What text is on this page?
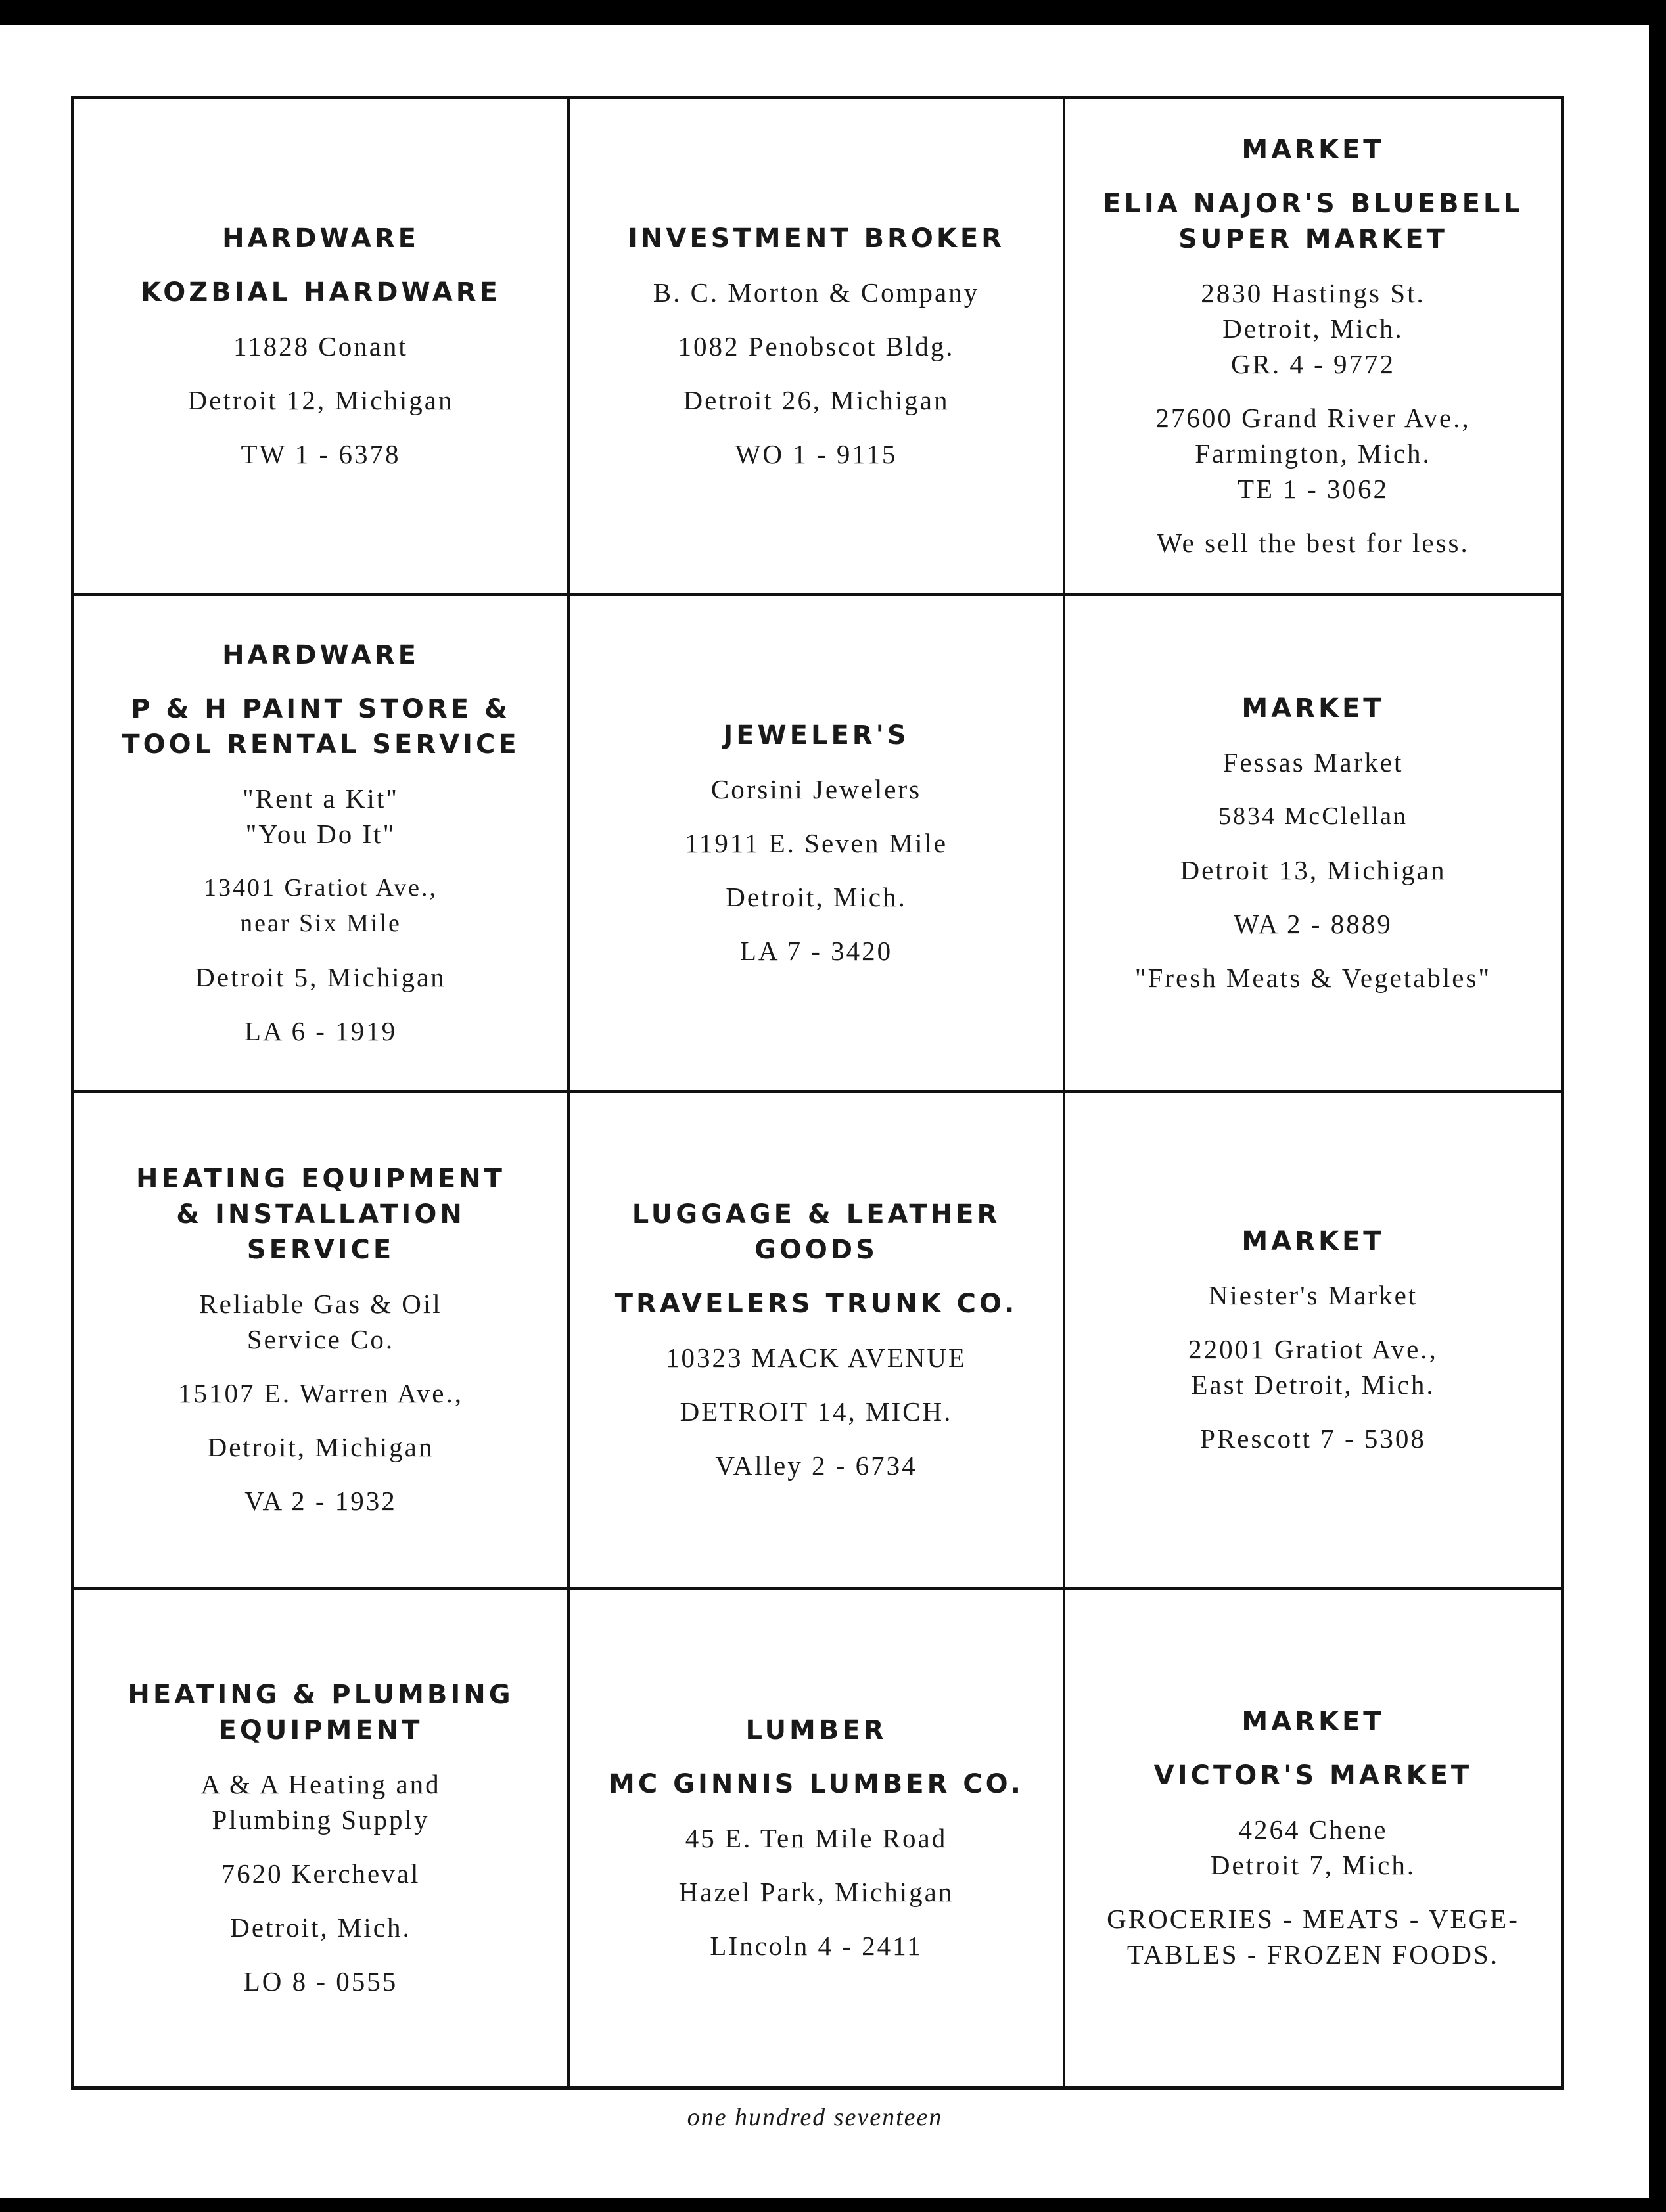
HARDWARE
KOZBIAL HARDWARE
11828 Conant
Detroit 12, Michigan
TW 1 - 6378
INVESTMENT BROKER
B. C. Morton & Company
1082 Penobscot Bldg.
Detroit 26, Michigan
WO 1 - 9115
MARKET
ELIA NAJOR'S BLUEBELL
SUPER MARKET
2830 Hastings St.
Detroit, Mich.
GR. 4 - 9772
27600 Grand River Ave.,
Farmington, Mich.
TE 1 - 3062
We sell the best for less.
HARDWARE
P & H PAINT STORE &
TOOL RENTAL SERVICE
"Rent a Kit"
"You Do It"
13401 Gratiot Ave.,
near Six Mile
Detroit 5, Michigan
LA 6 - 1919
JEWELER'S
Corsini Jewelers
11911 E. Seven Mile
Detroit, Mich.
LA 7 - 3420
MARKET
Fessas Market
5834 McClellan
Detroit 13, Michigan
WA 2 - 8889
"Fresh Meats & Vegetables"
HEATING EQUIPMENT
& INSTALLATION SERVICE
Reliable Gas & Oil
Service Co.
15107 E. Warren Ave.,
Detroit, Michigan
VA 2 - 1932
LUGGAGE & LEATHER GOODS
TRAVELERS TRUNK CO.
10323 MACK AVENUE
DETROIT 14, MICH.
VAlley 2 - 6734
MARKET
Niester's Market
22001 Gratiot Ave.,
East Detroit, Mich.
PRescott 7 - 5308
HEATING & PLUMBING
EQUIPMENT
A & A Heating and
Plumbing Supply
7620 Kercheval
Detroit, Mich.
LO 8 - 0555
LUMBER
MC GINNIS LUMBER CO.
45 E. Ten Mile Road
Hazel Park, Michigan
LIncoln 4 - 2411
MARKET
VICTOR'S MARKET
4264 Chene
Detroit 7, Mich.
GROCERIES - MEATS - VEGE-
TABLES - FROZEN FOODS.
one hundred seventeen
